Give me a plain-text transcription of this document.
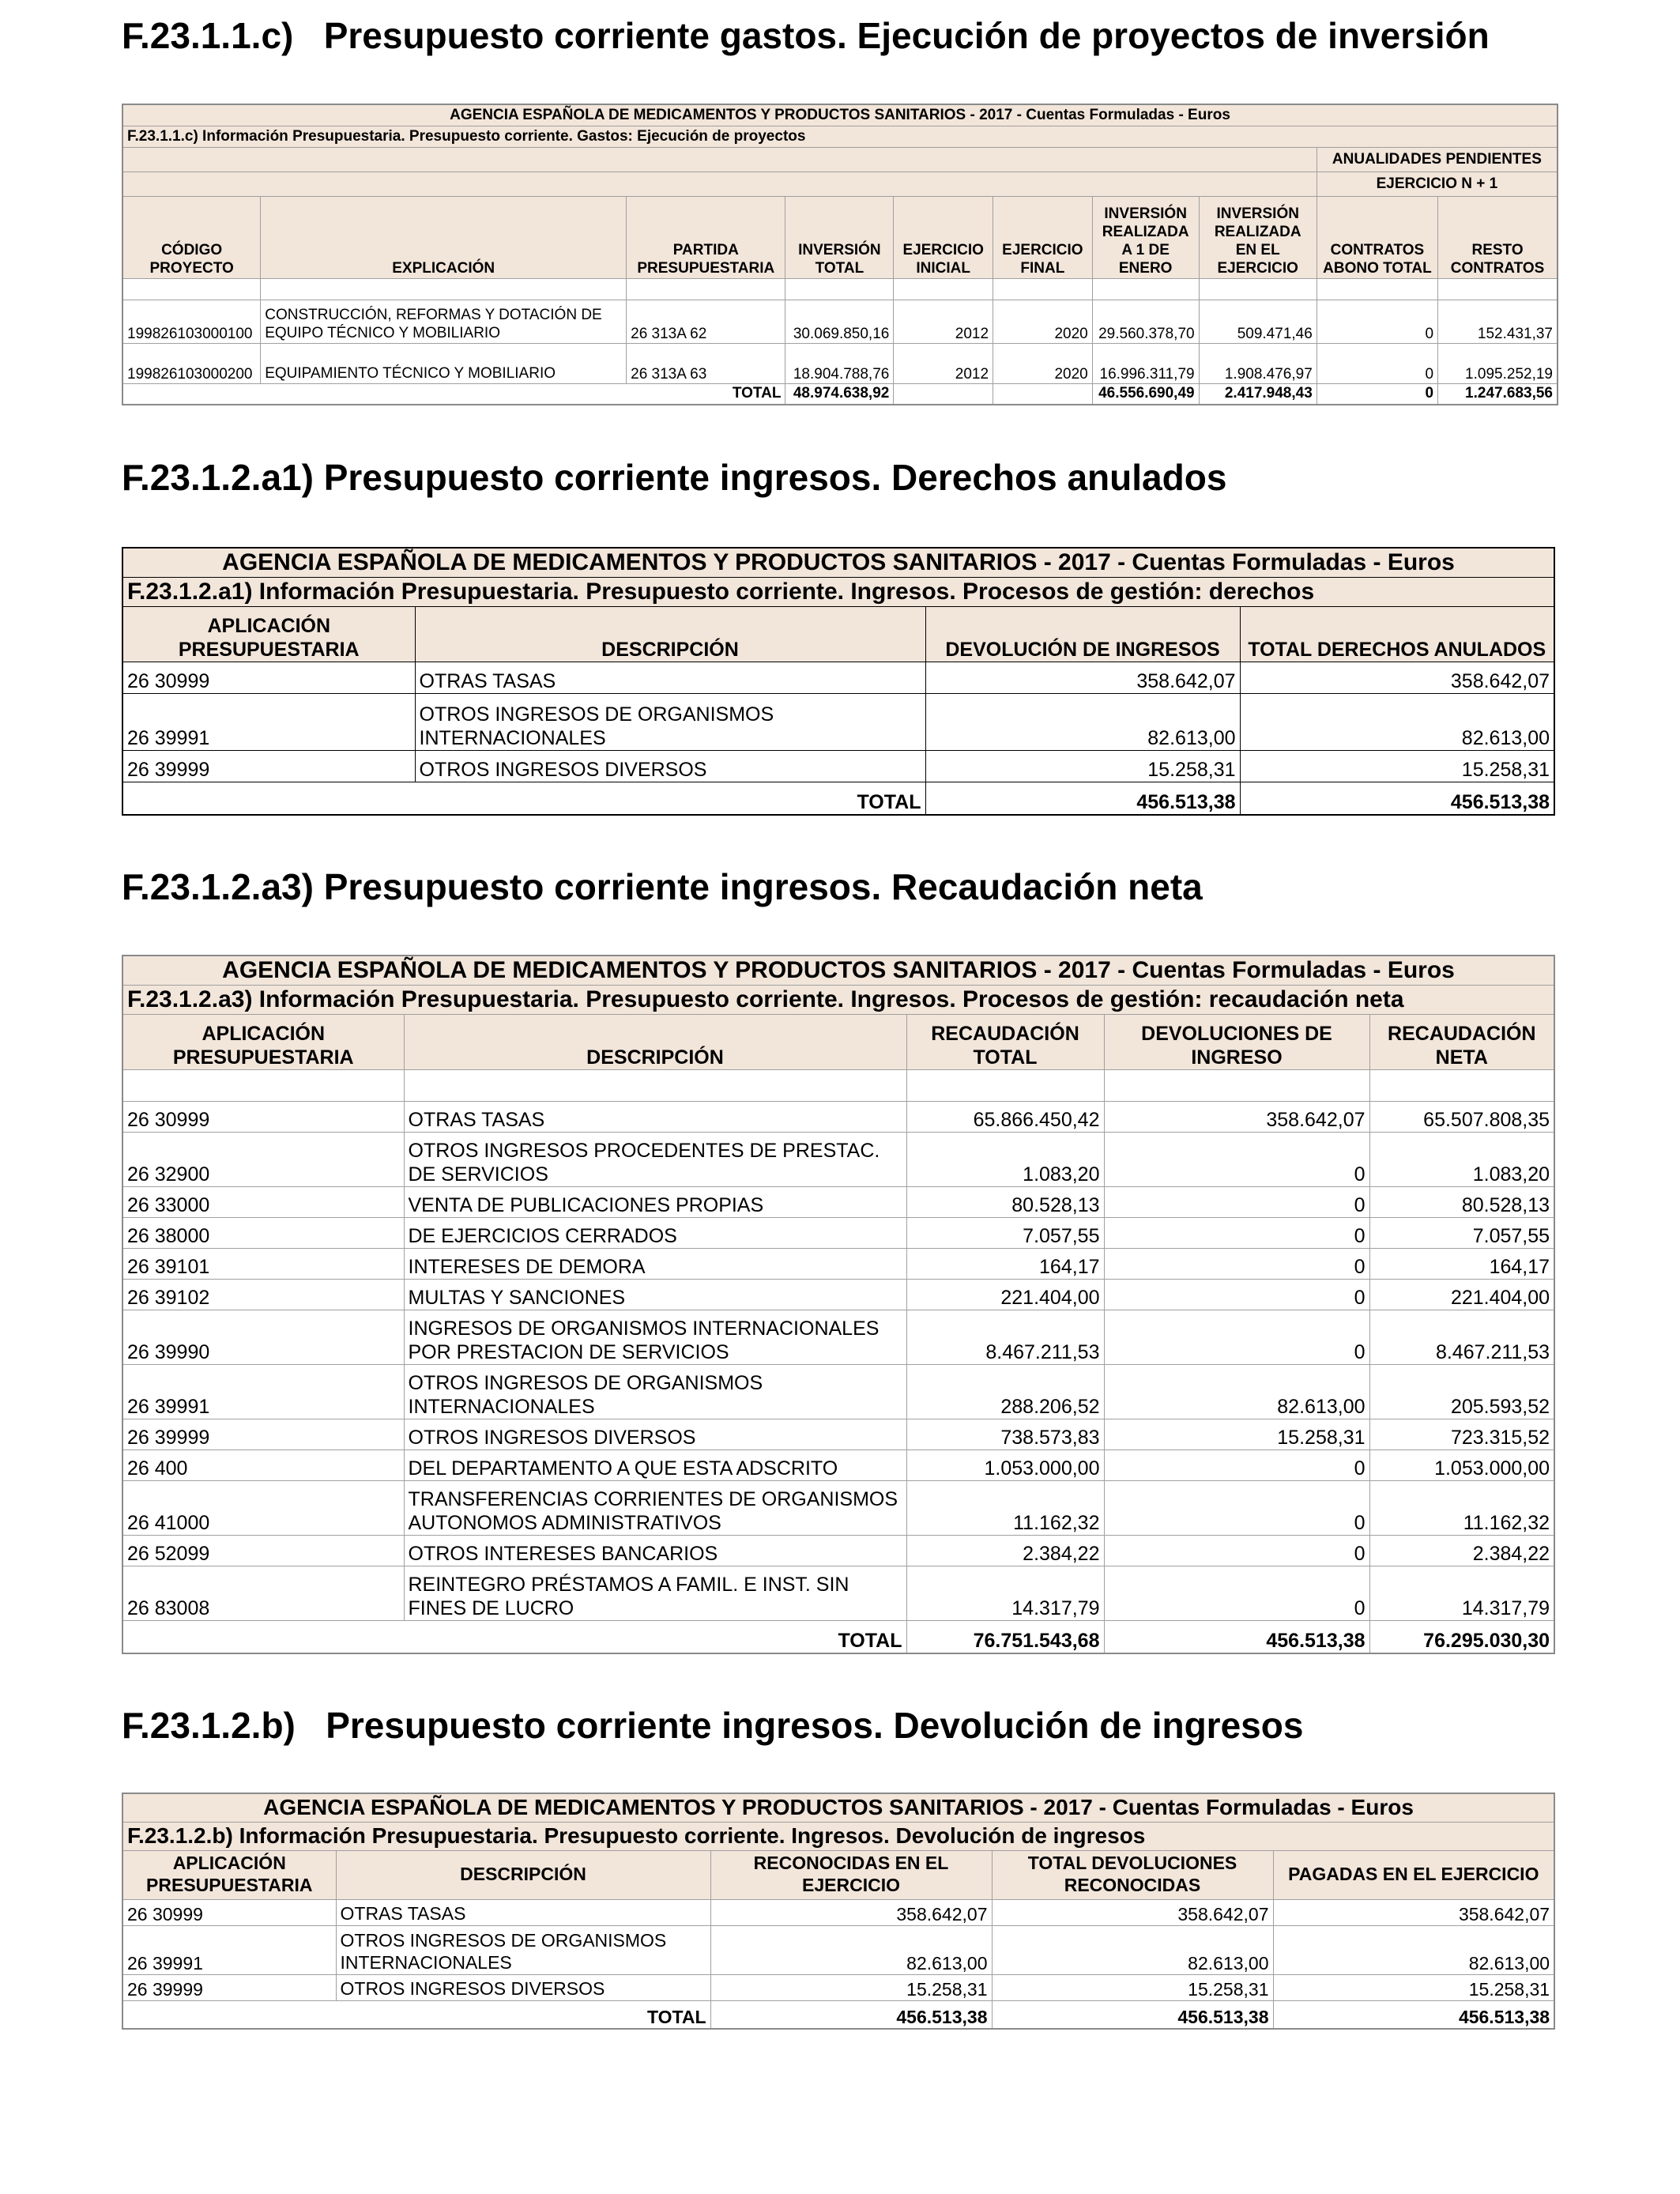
F.23.1.1.c)   Presupuesto corriente gastos. Ejecución de proyectos de inversión
AGENCIA ESPAÑOLA DE MEDICAMENTOS Y PRODUCTOS SANITARIOS - 2017 - Cuentas Formuladas - Euros									
F.23.1.1.c) Información Presupuestaria. Presupuesto corriente. Gastos: Ejecución de proyectos									
								ANUALIDADES PENDIENTES	
								EJERCICIO N + 1	
CÓDIGO PROYECTO	EXPLICACIÓN	PARTIDA PRESUPUESTARIA	INVERSIÓN TOTAL	EJERCICIO INICIAL	EJERCICIO FINAL	INVERSIÓN REALIZADA A 1 DE ENERO	INVERSIÓN REALIZADA EN EL EJERCICIO	CONTRATOS ABONO TOTAL	RESTO CONTRATOS

199826103000100	CONSTRUCCIÓN, REFORMAS Y DOTACIÓN DE EQUIPO TÉCNICO Y MOBILIARIO	26 313A 62	30.069.850,16	2012	2020	29.560.378,70	509.471,46	0	152.431,37
199826103000200	EQUIPAMIENTO TÉCNICO Y MOBILIARIO	26 313A 63	18.904.788,76	2012	2020	16.996.311,79	1.908.476,97	0	1.095.252,19
TOTAL			48.974.638,92			46.556.690,49	2.417.948,43	0	1.247.683,56
F.23.1.2.a1) Presupuesto corriente ingresos. Derechos anulados
AGENCIA ESPAÑOLA DE MEDICAMENTOS Y PRODUCTOS SANITARIOS - 2017 - Cuentas Formuladas - Euros			
F.23.1.2.a1) Información Presupuestaria. Presupuesto corriente. Ingresos. Procesos de gestión: derechos			
APLICACIÓN PRESUPUESTARIA	DESCRIPCIÓN	DEVOLUCIÓN DE INGRESOS	TOTAL DERECHOS ANULADOS
26 30999	OTRAS TASAS	358.642,07	358.642,07
26 39991	OTROS INGRESOS DE ORGANISMOS INTERNACIONALES	82.613,00	82.613,00
26 39999	OTROS INGRESOS DIVERSOS	15.258,31	15.258,31
TOTAL		456.513,38	456.513,38
F.23.1.2.a3) Presupuesto corriente ingresos. Recaudación neta
AGENCIA ESPAÑOLA DE MEDICAMENTOS Y PRODUCTOS SANITARIOS - 2017 - Cuentas Formuladas - Euros				
F.23.1.2.a3) Información Presupuestaria. Presupuesto corriente. Ingresos. Procesos de gestión: recaudación neta				
APLICACIÓN PRESUPUESTARIA	DESCRIPCIÓN	RECAUDACIÓN TOTAL	DEVOLUCIONES DE INGRESO	RECAUDACIÓN NETA

26 30999	OTRAS TASAS	65.866.450,42	358.642,07	65.507.808,35
26 32900	OTROS INGRESOS PROCEDENTES DE PRESTAC. DE SERVICIOS	1.083,20	0	1.083,20
26 33000	VENTA DE PUBLICACIONES PROPIAS	80.528,13	0	80.528,13
26 38000	DE EJERCICIOS CERRADOS	7.057,55	0	7.057,55
26 39101	INTERESES DE DEMORA	164,17	0	164,17
26 39102	MULTAS Y SANCIONES	221.404,00	0	221.404,00
26 39990	INGRESOS DE ORGANISMOS INTERNACIONALES POR PRESTACION DE SERVICIOS	8.467.211,53	0	8.467.211,53
26 39991	OTROS INGRESOS DE ORGANISMOS INTERNACIONALES	288.206,52	82.613,00	205.593,52
26 39999	OTROS INGRESOS DIVERSOS	738.573,83	15.258,31	723.315,52
26 400	DEL DEPARTAMENTO A QUE ESTA ADSCRITO	1.053.000,00	0	1.053.000,00
26 41000	TRANSFERENCIAS CORRIENTES DE ORGANISMOS AUTONOMOS ADMINISTRATIVOS	11.162,32	0	11.162,32
26 52099	OTROS INTERESES BANCARIOS	2.384,22	0	2.384,22
26 83008	REINTEGRO PRÉSTAMOS A FAMIL. E INST. SIN FINES DE LUCRO	14.317,79	0	14.317,79
TOTAL		76.751.543,68	456.513,38	76.295.030,30
F.23.1.2.b)   Presupuesto corriente ingresos. Devolución de ingresos
AGENCIA ESPAÑOLA DE MEDICAMENTOS Y PRODUCTOS SANITARIOS - 2017 - Cuentas Formuladas - Euros				
F.23.1.2.b) Información Presupuestaria. Presupuesto corriente. Ingresos. Devolución de ingresos				
APLICACIÓN PRESUPUESTARIA	DESCRIPCIÓN	RECONOCIDAS EN EL EJERCICIO	TOTAL DEVOLUCIONES RECONOCIDAS	PAGADAS EN EL EJERCICIO
26 30999	OTRAS TASAS	358.642,07	358.642,07	358.642,07
26 39991	OTROS INGRESOS DE ORGANISMOS INTERNACIONALES	82.613,00	82.613,00	82.613,00
26 39999	OTROS INGRESOS DIVERSOS	15.258,31	15.258,31	15.258,31
TOTAL		456.513,38	456.513,38	456.513,38
